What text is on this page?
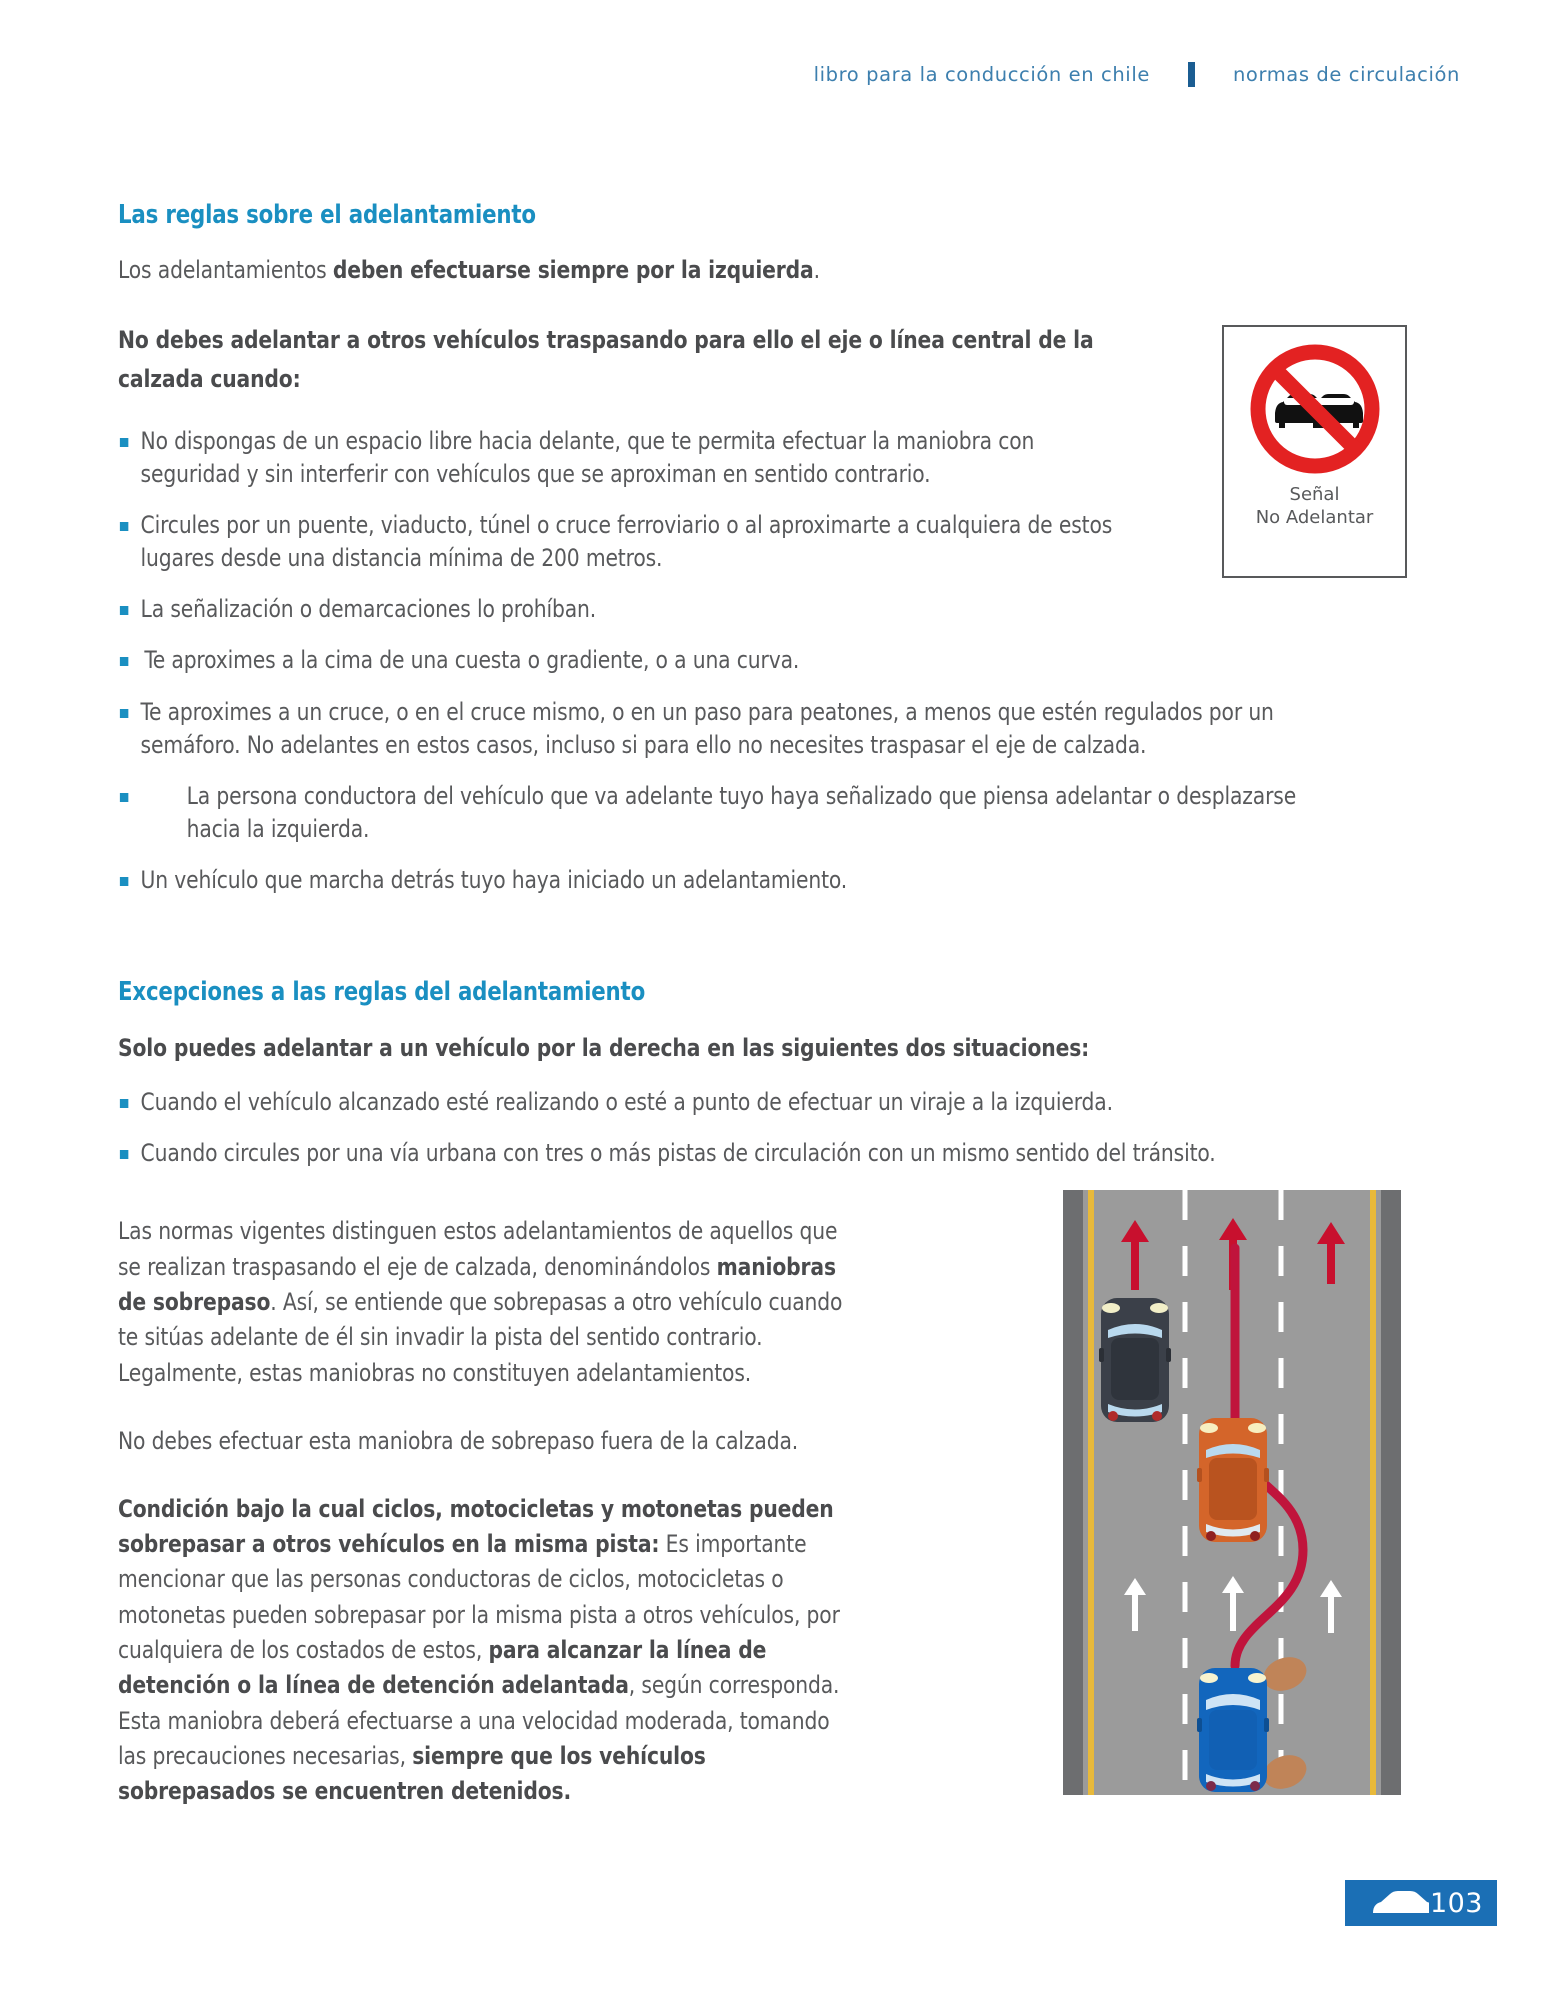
libro para la conducción en chile	normas de circulación
Señal
No Adelantar
Las reglas sobre el adelantamiento

Los adelantamientos deben efectuarse siempre por la izquierda.

No debes adelantar a otros vehículos traspasando para ello el eje o línea central de la calzada cuando:

No dispongas de un espacio libre hacia delante, que te permita efectuar la maniobra con seguridad y sin interferir con vehículos que se aproximan en sentido contrario.
Circules por un puente, viaducto, túnel o cruce ferroviario o al aproximarte a cualquiera de estos lugares desde una distancia mínima de 200 metros.
La señalización o demarcaciones lo prohíban.
Te aproximes a la cima de una cuesta o gradiente, o a una curva.
Te aproximes a un cruce, o en el cruce mismo, o en un paso para peatones, a menos que estén regulados por un semáforo. No adelantes en estos casos, incluso si para ello no necesites traspasar el eje de calzada.
La persona conductora del vehículo que va adelante tuyo haya señalizado que piensa adelantar o desplazarse hacia la izquierda.
Un vehículo que marcha detrás tuyo haya iniciado un adelantamiento.
Excepciones a las reglas del adelantamiento

Solo puedes adelantar a un vehículo por la derecha en las siguientes dos situaciones:

Cuando el vehículo alcanzado esté realizando o esté a punto de efectuar un viraje a la izquierda.
Cuando circules por una vía urbana con tres o más pistas de circulación con un mismo sentido del tránsito.

Las normas vigentes distinguen estos adelantamientos de aquellos que se realizan traspasando el eje de calzada, denominándolos maniobras de sobrepaso. Así, se entiende que sobrepasas a otro vehículo cuando te sitúas adelante de él sin invadir la pista del sentido contrario. Legalmente, estas maniobras no constituyen adelantamientos.

No debes efectuar esta maniobra de sobrepaso fuera de la calzada.

Condición bajo la cual ciclos, motocicletas y motonetas pueden sobrepasar a otros vehículos en la misma pista: Es importante mencionar que las personas conductoras de ciclos, motocicletas o motonetas pueden sobrepasar por la misma pista a otros vehículos, por cualquiera de los costados de estos, para alcanzar la línea de detención o la línea de detención adelantada, según corresponda. Esta maniobra deberá efectuarse a una velocidad moderada, tomando las precauciones necesarias, siempre que los vehículos sobrepasados se encuentren detenidos.

103
